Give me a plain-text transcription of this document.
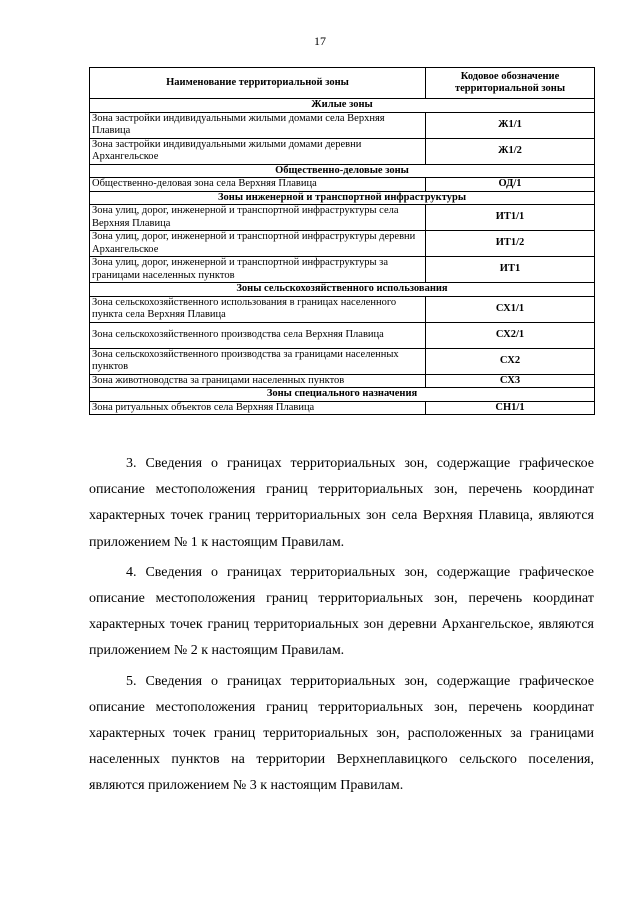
17
Наименование территориальной зоны	Кодовое обозначение территориальной зоны
Жилые зоны	
Зона застройки индивидуальными жилыми домами села Верхняя Плавица	Ж1/1
Зона застройки индивидуальными жилыми домами деревни Архангельское	Ж1/2
Общественно-деловые зоны	
Общественно-деловая зона села Верхняя Плавица	ОД/1
Зоны инженерной и транспортной инфраструктуры	
Зона улиц, дорог, инженерной и транспортной инфраструктуры села Верхняя Плавица	ИТ1/1
Зона улиц, дорог, инженерной и транспортной инфраструктуры деревни Архангельское	ИТ1/2
Зона улиц, дорог, инженерной и транспортной инфраструктуры за границами населенных пунктов	ИТ1
Зоны сельскохозяйственного использования	
Зона сельскохозяйственного использования в границах населенного пункта села Верхняя Плавица	СХ1/1
Зона сельскохозяйственного производства села Верхняя Плавица	СХ2/1
Зона сельскохозяйственного производства за границами населенных пунктов	СХ2
Зона животноводства за границами населенных пунктов	СХ3
Зоны специального назначения	
Зона ритуальных объектов села Верхняя Плавица	СН1/1

3. Сведения о границах территориальных зон, содержащие графическое описание местоположения границ территориальных зон, перечень координат характерных точек границ территориальных зон села Верхняя Плавица, являются приложением № 1 к настоящим Правилам.

4. Сведения о границах территориальных зон, содержащие графическое описание местоположения границ территориальных зон, перечень координат характерных точек границ территориальных зон деревни Архангельское, являются приложением № 2 к настоящим Правилам.

5. Сведения о границах территориальных зон, содержащие графическое описание местоположения границ территориальных зон, перечень координат характерных точек границ территориальных зон, расположенных за границами населенных пунктов на территории Верхнеплавицкого сельского поселения, являются приложением № 3 к настоящим Правилам.
